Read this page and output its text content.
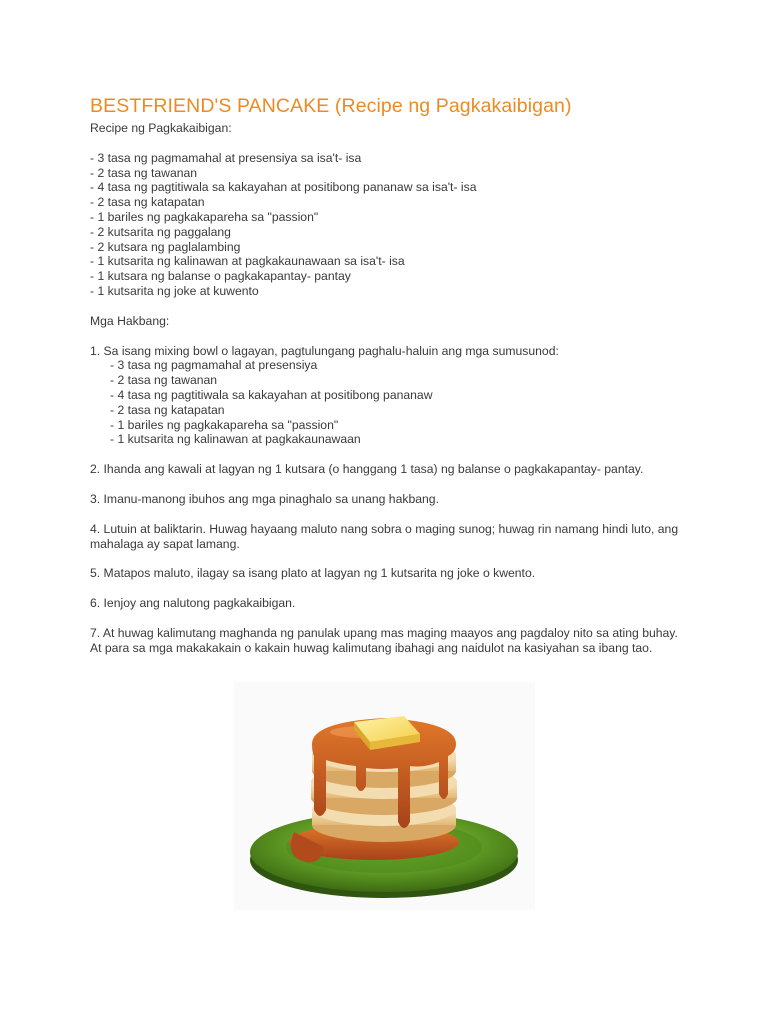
BESTFRIEND'S PANCAKE (Recipe ng Pagkakaibigan)

Recipe ng Pagkakaibigan:

- 3 tasa ng pagmamahal at presensiya sa isa't- isa
- 2 tasa ng tawanan
- 4 tasa ng pagtitiwala sa kakayahan at positibong pananaw sa isa't- isa
- 2 tasa ng katapatan
- 1 bariles ng pagkakapareha sa "passion"
- 2 kutsarita ng paggalang
- 2 kutsara ng paglalambing
- 1 kutsarita ng kalinawan at pagkakaunawaan sa isa't- isa
- 1 kutsara ng balanse o pagkakapantay- pantay
- 1 kutsarita ng joke at kuwento

Mga Hakbang:

1. Sa isang mixing bowl o lagayan, pagtulungang paghalu-haluin ang mga sumusunod:

- 3 tasa ng pagmamahal at presensiya
- 2 tasa ng tawanan
- 4 tasa ng pagtitiwala sa kakayahan at positibong pananaw
- 2 tasa ng katapatan
- 1 bariles ng pagkakapareha sa "passion"
- 1 kutsarita ng kalinawan at pagkakaunawaan

2. Ihanda ang kawali at lagyan ng 1 kutsara (o hanggang 1 tasa) ng balanse o pagkakapantay- pantay.

3. Imanu-manong ibuhos ang mga pinaghalo sa unang hakbang.

4. Lutuin at baliktarin. Huwag hayaang maluto nang sobra o maging sunog; huwag rin namang hindi luto, ang mahalaga ay sapat lamang.

5. Matapos maluto, ilagay sa isang plato at lagyan ng 1 kutsarita ng joke o kwento.

6. Ienjoy ang nalutong pagkakaibigan.

7. At huwag kalimutang maghanda ng panulak upang mas maging maayos ang pagdaloy nito sa ating buhay. At para sa mga makakakain o kakain huwag kalimutang ibahagi ang naidulot na kasiyahan sa ibang tao.
